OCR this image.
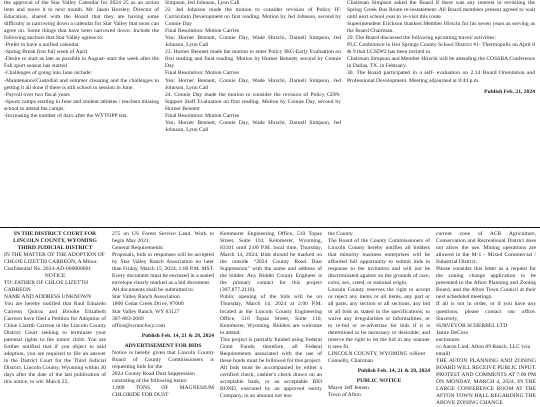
the approval of the Star Valley Calendar for 2024 25 as an action item and move it to next month. Mr. Jason Horsley, Director of Education, shared with the Board that they are having some difficulty in narrowing down a calendar for Star Valley that most can agree on. Some things that have been narrowed down. Include the following anchors that Star Valley agrees to:

-Prefer to have a unified calendar

-Spring Break first full week of April

-Desire to start as late as possible in August- start the week after the Fall sport season has started

-Challenges of going into June include:

-Maintenance/Custodial and summer cleaning and the challenges to getting it all done if there is still school in session in June.

-Payroll over two fiscal years

-Sports camps starting in June and student athletes / teachers missing school to attend the camps.

-Increasing the number of days after the WYTOPP test.

Simpson, Jed Johnson, Lynn Call

22. Jed Johnson made the motion to consider revision of Policy IF: Curriculum Development on first reading. Motion by Jed Johnson, second by Connie Day

Final Resolution: Motion Carries

Yea: Horner Bennett, Connie Day, Wade Hirschi, Darnell Simpson, Jed Johnson, Lynn Call

23. Horner Bennett made the motion to enter Policy IKG-Early Evaluation on first reading and final reading. Motion by Horner Bennett, second by Connie Day

Final Resolution: Motion Carries

Yea: Horner Bennett, Connie Day, Wade Hirschi, Darnell Simpson, Jed Johnson, Lynn Call

24. Connie Day made the motion to consider the revision of Policy GDN- Support Staff Evaluation on first reading. Motion by Connie Day, second by Horner Bennett

Final Resolution: Motion Carries

Yea: Horner Bennett, Connie Day, Wade Hirschi, Darnell Simpson, Jed Johnson, Lynn Call

Chairman Simpson asked the Board if there was any interest in revisiting the Spring Creek Bus Route re-instatement. All Board members present agreed to wait until next school year to re-visit this route.

Superintendent Erickson thanked Member Hirschi for his seven years as serving as the Board Chairman.

29. The Board discussed the following upcoming travel/ activities:

PLC Conference in Hot Springs County School District #1- Thermopolis on April 8 & 9 that LCSD#2 has been invited to.

Chairman Simpson and Member Hirschi will be attending the COSSBA Conference in Dallas, TX. in February.

30. The Board participated in a self- evaluation on 2.14 Board Orientation and Professional Development. Meeting adjourned at 8:44 p.m.

Publish Feb. 21, 2024

IN THE DISTRICT COURT FOR LINCOLN COUNTY, WYOMING THIRD JUDICIAL DISTRICT

IN THE MATTER OF THE ADOPTION OF CHLOE LIZETTH CARREON, A Minor.

Confidential No. 2024-AD-000000001

NOTICE

TO: FATHER OF CHLOE LIZETTH CARREON

NAME AND ADDRESS UNKNOWN

You are hereby notified that Raul Eduardo Carreon Quiroz and Brooke Elizabeth Carreon have filed a Petition for Adoption of Chloe Lizetth Carreon in the Lincoln County District Court seeking to terminate your parental rights to the minor child. You are further notified that if you object to said adoption, you are required to file an answer in the District Court for the Third Judicial District, Lincoln County, Wyoming within 30 days after the date of the last publication of this notice, to wit: March 22,

275 on US Forest Service Land. Work to begin May 2021.

General Requirements:

Proposals, bids or responses will be accepted by Star Valley Ranch Association no later than Friday, March 15, 2024, 1:00 P.M. MST. Every document must be enclosed in a sealed envelope clearly marked as a bid document.

All documents shall be submitted to:

Star Valley Ranch Association

1800 Cedar Creek Drive, #7000

Star Valley Ranch, WY 83127

307-883-2669

office@svranchwy.com

Publish Feb. 14, 21 & 28, 2024

ADVERTISEMENT FOR BIDS

Notice is hereby given that Lincoln County Board of County Commissioners is requesting bids for the

2024 County Road Dust Suppression

consisting of the following items:

1,800 TONS OF MAGNESIUM CHLORIDE FOR DUST

Kemmerer Engineering Office, 510 Topaz Street, Suite 110, Kemmerer, Wyoming, 83101 until 2:00 P.M. local time, Thursday, March 14, 2024. Bids should be marked on the outside “2024 County Road Dust Suppression” with the name and address of the bidder. Any Bidder County Engineer is the primary contact for this project (307.877.2116).

Public opening of the bids will be on Thursday, March 14, 2024 at 2:00 P.M. located at the Lincoln County Engineering Office, 510 Topaz Street, Suite 110, Kemmerer, Wyoming. Bidders are welcome to attend.

This project is partially funded using Federal Grant Funds; therefore, all Federal Requirements associated with the use of these funds must be followed for this project.

All bids must be accompanied by either a certified check, cashier's check drawn on an acceptable bank, or an acceptable BID BOND, executed by an approved surety Company, in an amount not less

the County.

The Board of the County Commissioners of Lincoln County hereby notifies all bidders that minority business enterprises will be afforded full opportunity to submit bids in response to the invitation and will not be discriminated against on the grounds of race, color, sex, creed, or national origin.

Lincoln County reserves the right to accept or reject any items or all items, any part or all parts, any section or all sections, any bid or all bids as stated in the specifications; to waive any irregularities or informalities, or to re-bid or re-advertise for bids if it is determined to be necessary or desirable; and reserve the right to let the bid in any manner it sees fit.

LINCOLN COUNTY, WYOMING /s/Kent Connelly, Chairman

Publish Feb. 14, 21 & 28, 2024

PUBLIC NOTICE

Mayor Jeff Jensen

Town of Afton

current zone of ACR Agriculture, Conservation and Recreational District does not allow the use. Mining operations are allowed in the M-1 - Mixed Commercial / Industrial District.

Please consider this letter as a request for the zoning change application to be presented to the Afton Planning and Zoning Board, and the Afton Town Council at their next scheduled meetings.

If all is not in order, or if you have any questions, please contact our office. Sincerely,

SURVEYOR SCHERBEL LTD

Jamie DeCora

enclosures

cc:Aaron Lind, Afton 89 Ranch, LLC (via email)

THE AFTON PLANNING AND ZONING BOARD WILL RECEIVE PUBLIC INPUT. PROTEST AND COMMENTS AT 7:00 PM ON MONDAY, MARCH 4, 2024, IN THE LARGE CONFERENCE ROOM AT THE AFTON TOWN HALL REGARDING THE ABOVE ZONING CHANGE
